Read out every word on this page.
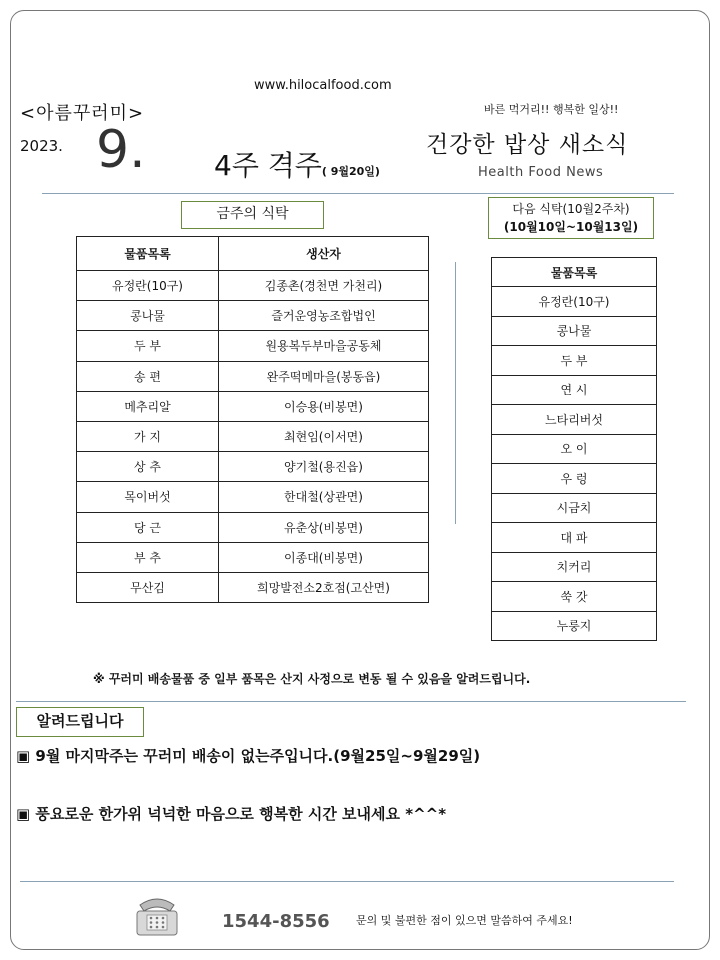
www.hilocalfood.com
<아름꾸러미>	바른 먹거리!! 행복한 일상!!
2023. 9. 4주 격주( 9월20일)
건강한 밥상 새소식
Health Food News
금주의 식탁	다음 식탁(10월2주차)
(10월10일~10월13일)
물품목록	생산자
유정란(10구)	김종촌(경천면 가천리)
콩나물	즐거운영농조합법인
두 부	원용복두부마을공동체
송 편	완주떡메마을(봉동읍)
메추리알	이승용(비봉면)
가 지	최현임(이서면)
상 추	양기철(용진읍)
목이버섯	한대철(상관면)
당 근	유춘상(비봉면)
부 추	이종대(비봉면)
무산김	희망발전소2호점(고산면)
물품목록
유정란(10구)
콩나물
두 부
연 시
느타리버섯
오 이
우 렁
시금치
대 파
치커리
쑥 갓
누룽지
※ 꾸러미 배송물품 중 일부 품목은 산지 사정으로 변동 될 수 있음을 알려드립니다.
알려드립니다
▣ 9월 마지막주는 꾸러미 배송이 없는주입니다.(9월25일~9월29일)
▣ 풍요로운 한가위 넉넉한 마음으로 행복한 시간 보내세요 *^^*
1544-8556 문의 및 불편한 점이 있으면 말씀하여 주세요!
